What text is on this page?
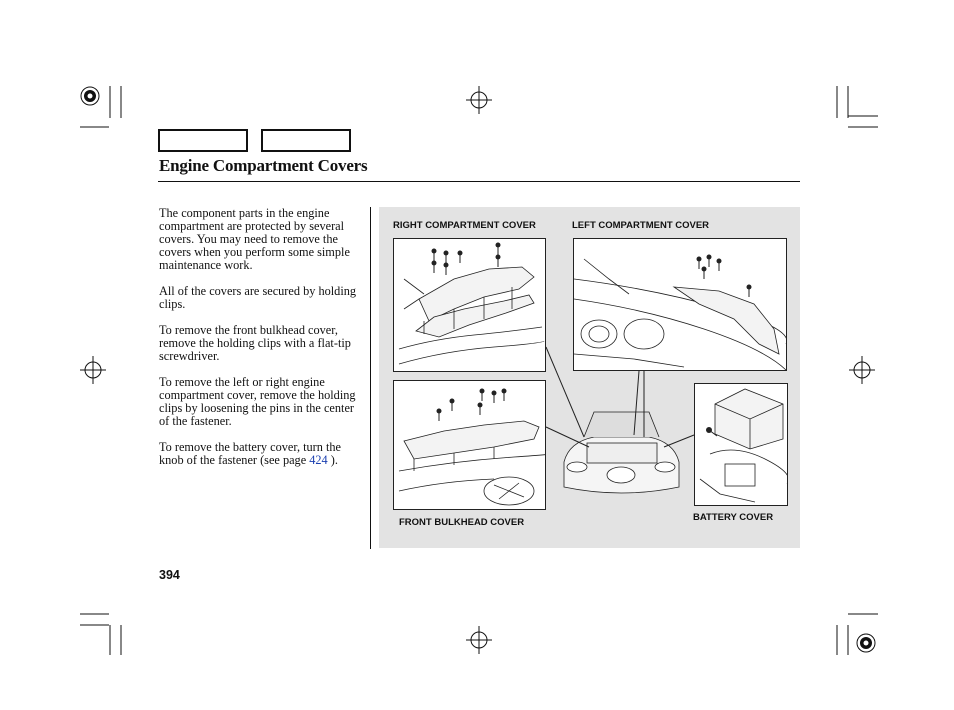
Engine Compartment Covers

The component parts in the engine compartment are protected by several covers. You may need to remove the covers when you perform some simple maintenance work.

All of the covers are secured by holding clips.

To remove the front bulkhead cover, remove the holding clips with a flat-tip screwdriver.

To remove the left or right engine compartment cover, remove the holding clips by loosening the pins in the center of the fastener.

To remove the battery cover, turn the knob of the fastener (see page 424 ).

RIGHT COMPARTMENT COVER	LEFT COMPARTMENT COVER
FRONT BULKHEAD COVER	BATTERY COVER
394
